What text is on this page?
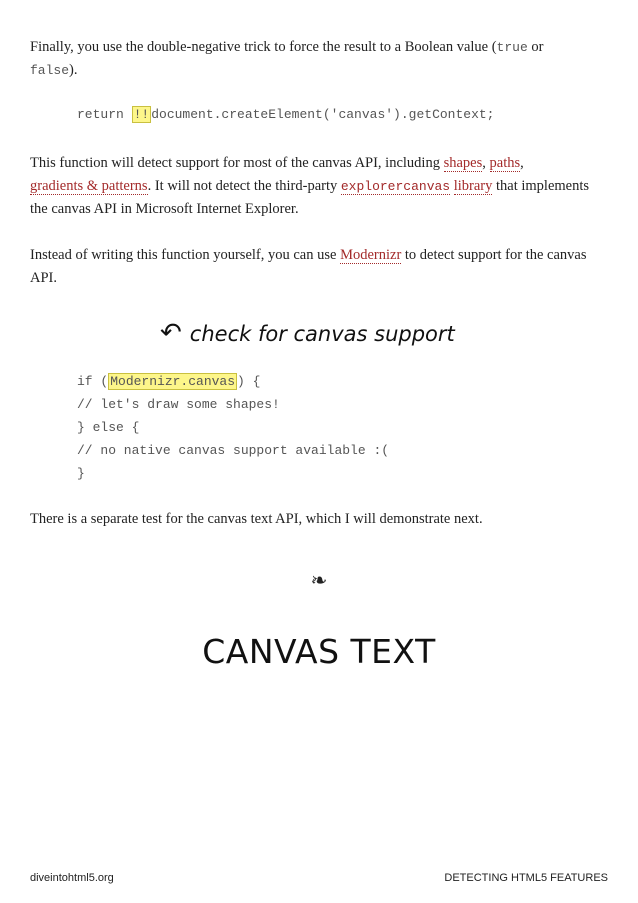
Finally, you use the double-negative trick to force the result to a Boolean value (true or
false).

return !! document.createElement('canvas').getContext;

This function will detect support for most of the canvas API, including shapes, paths,
gradients & patterns. It will not detect the third-party explorercanvas library that implements the canvas API in Microsoft Internet Explorer.

Instead of writing this function yourself, you can use Modernizr to detect support for the canvas API.

↶ check for canvas support
if ( Modernizr.canvas ) {
// let's draw some shapes!
} else {
// no native canvas support available :(
}

There is a separate test for the canvas text API, which I will demonstrate next.

❧
CANVAS TEXT
diveintohtml5.org	DETECTING HTML5 FEATURES
